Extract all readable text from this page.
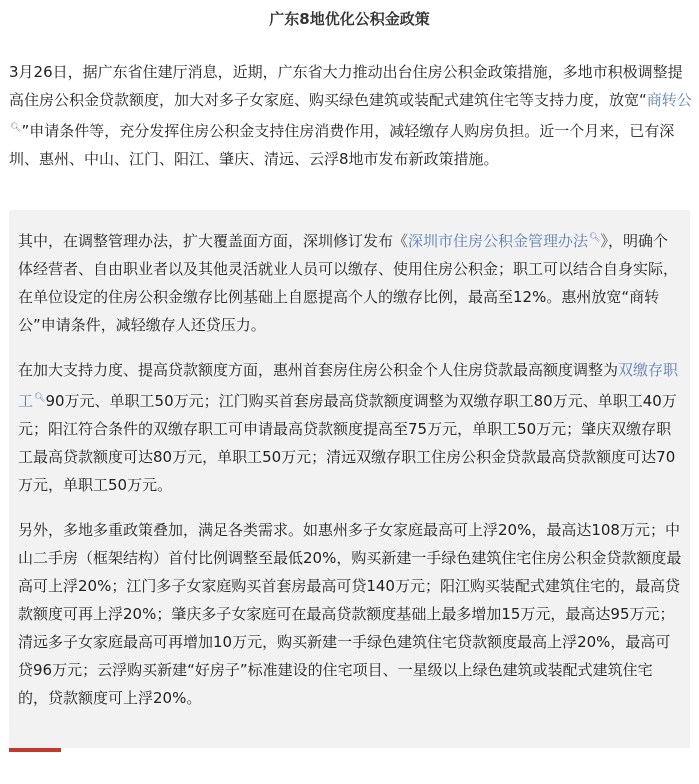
广东8地优化公积金政策

3月26日，据广东省住建厅消息，近期，广东省大力推动出台住房公积金政策措施，多地市积极调整提高住房公积金贷款额度，加大对多子女家庭、购买绿色建筑或装配式建筑住宅等支持力度，放宽“商转公🔍︎”申请条件等，充分发挥住房公积金支持住房消费作用，减轻缴存人购房负担。近一个月来，已有深圳、惠州、中山、江门、阳江、肇庆、清远、云浮8地市发布新政策措施。

其中，在调整管理办法，扩大覆盖面方面，深圳修订发布《深圳市住房公积金管理办法🔍︎》，明确个体经营者、自由职业者以及其他灵活就业人员可以缴存、使用住房公积金；职工可以结合自身实际，在单位设定的住房公积金缴存比例基础上自愿提高个人的缴存比例，最高至12%。惠州放宽“商转公”申请条件，减轻缴存人还贷压力。

在加大支持力度、提高贷款额度方面，惠州首套房住房公积金个人住房贷款最高额度调整为双缴存职工🔍︎90万元、单职工50万元；江门购买首套房最高贷款额度调整为双缴存职工80万元、单职工40万元；阳江符合条件的双缴存职工可申请最高贷款额度提高至75万元，单职工50万元；肇庆双缴存职工最高贷款额度可达80万元，单职工50万元；清远双缴存职工住房公积金贷款最高贷款额度可达70万元，单职工50万元。

另外，多地多重政策叠加，满足各类需求。如惠州多子女家庭最高可上浮20%，最高达108万元；中山二手房（框架结构）首付比例调整至最低20%，购买新建一手绿色建筑住宅住房公积金贷款额度最高可上浮20%；江门多子女家庭购买首套房最高可贷140万元；阳江购买装配式建筑住宅的，最高贷款额度可再上浮20%；肇庆多子女家庭可在最高贷款额度基础上最多增加15万元，最高达95万元；清远多子女家庭最高可再增加10万元，购买新建一手绿色建筑住宅贷款额度最高上浮20%，最高可贷96万元；云浮购买新建“好房子”标准建设的住宅项目、一星级以上绿色建筑或装配式建筑住宅的，贷款额度可上浮20%。
